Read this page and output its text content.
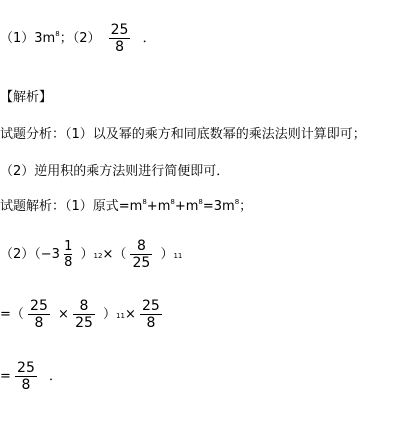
$(1)3m^8$；$(2) \frac{25}{8}$ ．
【解析】
试题分析：（1）以及幂的乘方和同底数幂的乘法法则计算即可；
（2）逆用积的乘方法则进行简便即可．
试题解析：（1）原式$=m^8+m^8+m^8=3m^8$；
$(2)(-3 \frac{1}{8} )12\times( \frac{8}{25} )11$
=（ $\frac{25}{8} \times \frac{8}{25} )11\times \frac{25}{8}$
= $\frac{25}{8}$ ．
